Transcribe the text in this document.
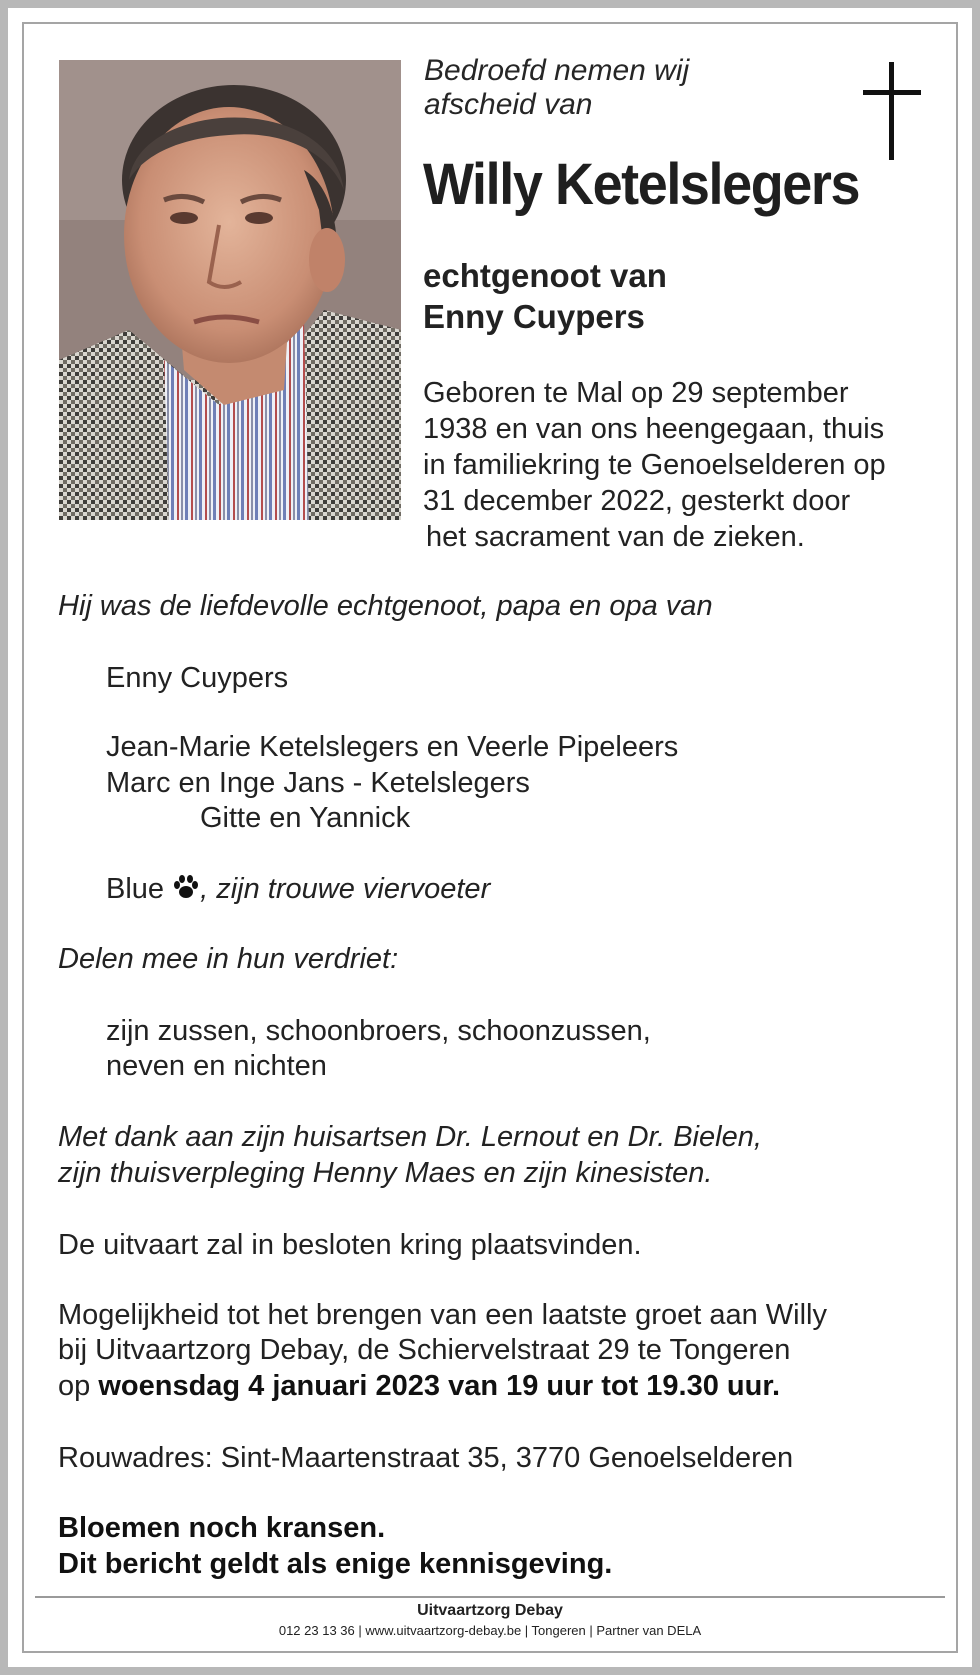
Bedroefd nemen wij
afscheid van
Willy Ketelslegers
echtgenoot van
Enny Cuypers
Geboren te Mal op 29 september
1938 en van ons heengegaan, thuis
in familiekring te Genoelselderen op
31 december 2022, gesterkt door
het sacrament van de zieken.
Hij was de liefdevolle echtgenoot, papa en opa van
Enny Cuypers
Jean-Marie Ketelslegers en Veerle Pipeleers
Marc en Inge Jans - Ketelslegers
Gitte en Yannick
Blue , zijn trouwe viervoeter
Delen mee in hun verdriet:
zijn zussen, schoonbroers, schoonzussen,
neven en nichten
Met dank aan zijn huisartsen Dr. Lernout en Dr. Bielen,
zijn thuisverpleging Henny Maes en zijn kinesisten.
De uitvaart zal in besloten kring plaatsvinden.
Mogelijkheid tot het brengen van een laatste groet aan Willy
bij Uitvaartzorg Debay, de Schiervelstraat 29 te Tongeren
op woensdag 4 januari 2023 van 19 uur tot 19.30 uur.
Rouwadres: Sint-Maartenstraat 35, 3770 Genoelselderen
Bloemen noch kransen.
Dit bericht geldt als enige kennisgeving.
Uitvaartzorg Debay
012 23 13 36 | www.uitvaartzorg-debay.be | Tongeren | Partner van DELA
